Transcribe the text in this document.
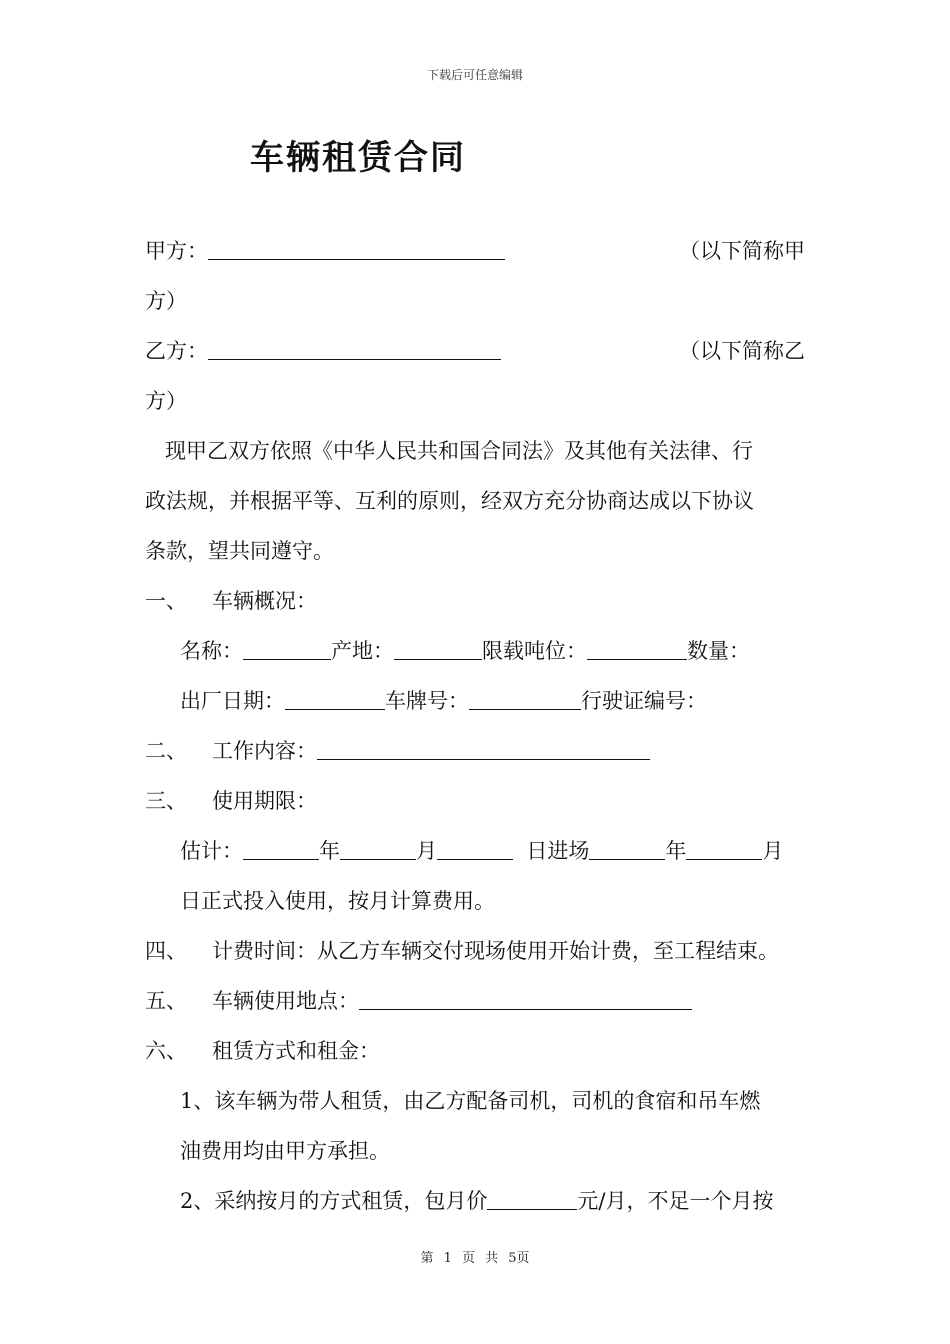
下载后可任意编辑
车辆租赁合同
甲方：	（以下简称甲
方）
乙方：	（以下简称乙
方）
现甲乙双方依照《中华人民共和国合同法》及其他有关法律、行
政法规，并根据平等、互利的原则，经双方充分协商达成以下协议
条款，望共同遵守。
一、 车辆概况：
名称：	产地：	限载吨位：	数量：
出厂日期：	车牌号：	行驶证编号：
二、 工作内容：
三、 使用期限：
估计：	年	月	日进场	年	月
日正式投入使用，按月计算费用。
四、 计费时间：从乙方车辆交付现场使用开始计费，至工程结束。
五、 车辆使用地点：
六、 租赁方式和租金：
1、该车辆为带人租赁，由乙方配备司机，司机的食宿和吊车燃
油费用均由甲方承担。
2、采纳按月的方式租赁，包月价	元/月，不足一个月按
第 1 页 共 5页
